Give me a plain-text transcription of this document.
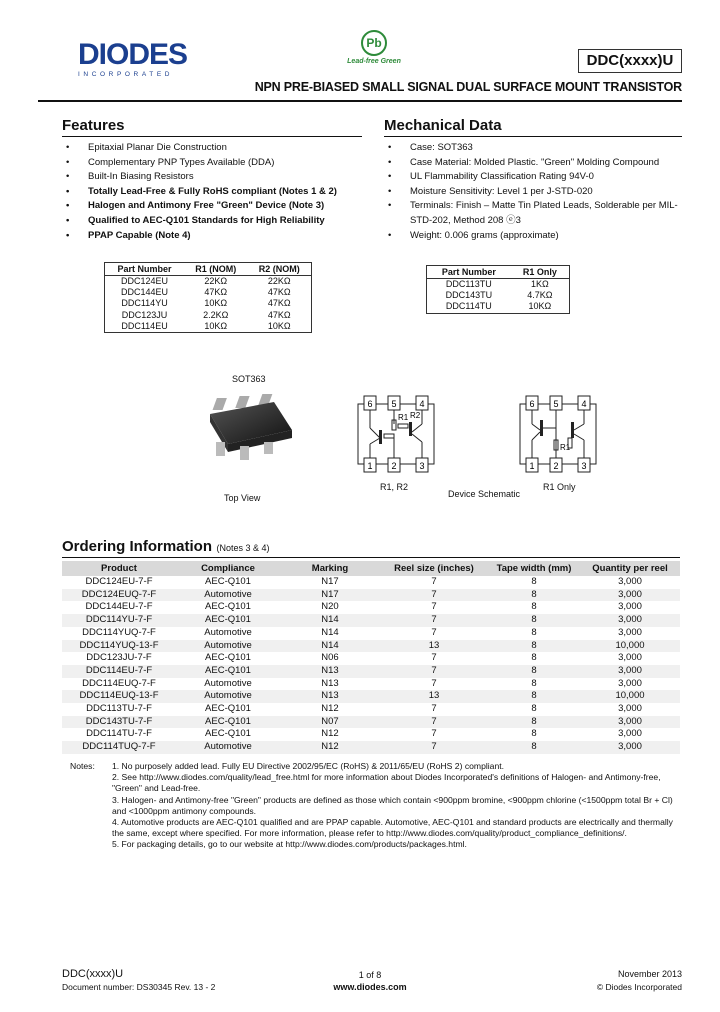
DIODES
INCORPORATED
Pb
Lead-free Green	DDC(xxxx)U
NPN PRE-BIASED SMALL SIGNAL DUAL SURFACE MOUNT TRANSISTOR
Features
• Epitaxial Planar Die Construction
• Complementary PNP Types Available (DDA)
• Built-In Biasing Resistors
• Totally Lead-Free & Fully RoHS compliant (Notes 1 & 2)
• Halogen and Antimony Free "Green" Device (Note 3)
• Qualified to AEC-Q101 Standards for High Reliability
• PPAP Capable (Note 4)
Part Number	R1 (NOM)	R2 (NOM)
DDC124EU	22KΩ	22KΩ
DDC144EU	47KΩ	47KΩ
DDC114YU	10KΩ	47KΩ
DDC123JU	2.2KΩ	47KΩ
DDC114EU	10KΩ	10KΩ
Mechanical Data
• Case: SOT363
• Case Material: Molded Plastic. "Green" Molding Compound
• UL Flammability Classification Rating 94V-0
• Moisture Sensitivity: Level 1 per J-STD-020
• Terminals: Finish – Matte Tin Plated Leads, Solderable per MIL-STD-202, Method 208 ⓔ3
• Weight: 0.006 grams (approximate)
Part Number	R1 Only
DDC113TU	1KΩ
DDC143TU	4.7KΩ
DDC114TU	10KΩ
SOT363
Top View
6 5	4
1 2	3
R1 R2
R1, R2
Device Schematic
6 5	4
1 2	3
R1
R1 Only
Ordering Information (Notes 3 & 4)
Product	Compliance	Marking	Reel size (inches)	Tape width (mm)	Quantity per reel
DDC124EU-7-F	AEC-Q101	N17	7	8	3,000
DDC124EUQ-7-F	Automotive	N17	7	8	3,000
DDC144EU-7-F	AEC-Q101	N20	7	8	3,000
DDC114YU-7-F	AEC-Q101	N14	7	8	3,000
DDC114YUQ-7-F	Automotive	N14	7	8	3,000
DDC114YUQ-13-F	Automotive	N14	13	8	10,000
DDC123JU-7-F	AEC-Q101	N06	7	8	3,000
DDC114EU-7-F	AEC-Q101	N13	7	8	3,000
DDC114EUQ-7-F	Automotive	N13	7	8	3,000
DDC114EUQ-13-F	Automotive	N13	13	8	10,000
DDC113TU-7-F	AEC-Q101	N12	7	8	3,000
DDC143TU-7-F	AEC-Q101	N07	7	8	3,000
DDC114TU-7-F	AEC-Q101	N12	7	8	3,000
DDC114TUQ-7-F	Automotive	N12	7	8	3,000
Notes: 1. No purposely added lead. Fully EU Directive 2002/95/EC (RoHS) & 2011/65/EU (RoHS 2) compliant.
2. See http://www.diodes.com/quality/lead_free.html for more information about Diodes Incorporated's definitions of Halogen- and Antimony-free, "Green" and Lead-free.
3. Halogen- and Antimony-free "Green" products are defined as those which contain <900ppm bromine, <900ppm chlorine (<1500ppm total Br + Cl) and <1000ppm antimony compounds.
4. Automotive products are AEC-Q101 qualified and are PPAP capable. Automotive, AEC-Q101 and standard products are electrically and thermally the same, except where specified. For more information, please refer to http://www.diodes.com/quality/product_compliance_definitions/.
5. For packaging details, go to our website at http://www.diodes.com/products/packages.html.
DDC(xxxx)U
Document number: DS30345 Rev. 13 - 2
1 of 8
www.diodes.com
November 2013
© Diodes Incorporated
